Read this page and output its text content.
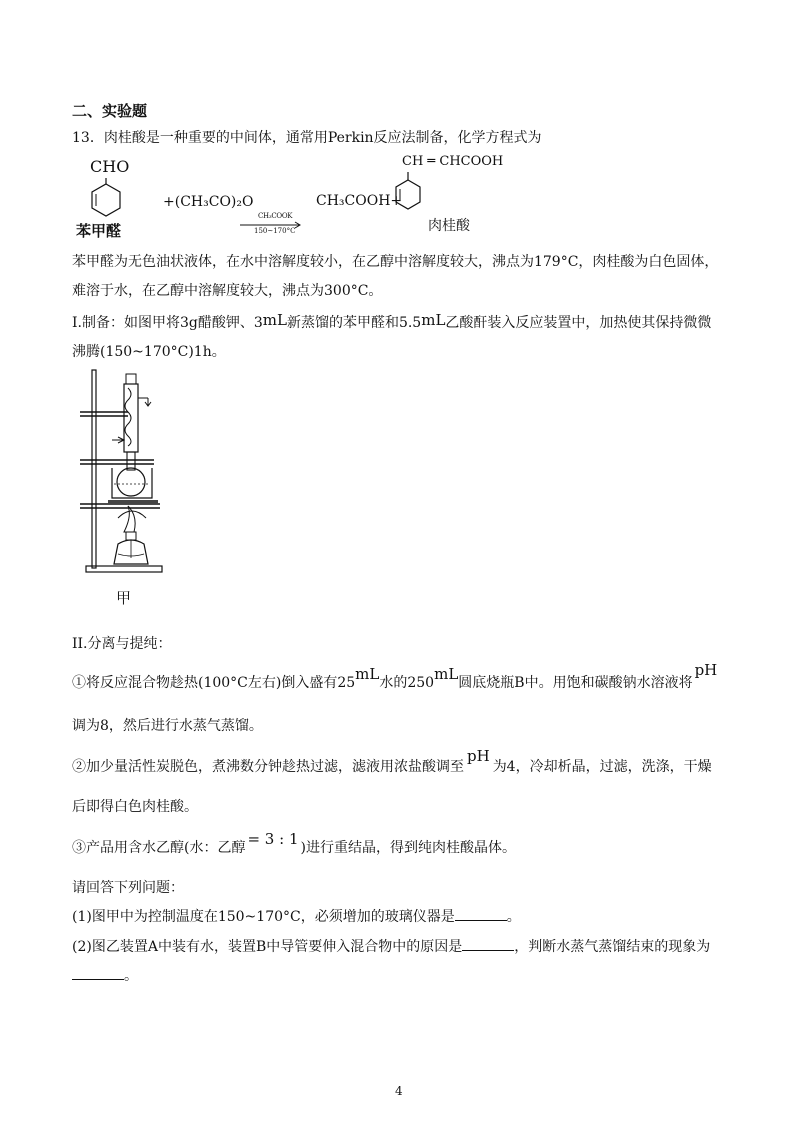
二、实验题
13．肉桂酸是一种重要的中间体，通常用Perkin反应法制备，化学方程式为
CHO
苯甲醛
+(CH₃CO)₂O
CH₃COOK
150~170°C
CH₃COOH+
CH ═ CHCOOH
肉桂酸
苯甲醛为无色油状液体，在水中溶解度较小，在乙醇中溶解度较大，沸点为179°C，肉桂酸为白色固体，
难溶于水，在乙醇中溶解度较大，沸点为300°C。
I.制备：如图甲将3g醋酸钾、3mL新蒸馏的苯甲醛和5.5mL乙酸酐装入反应装置中，加热使其保持微微
沸腾(150~170°C)1h。
甲
II.分离与提纯：
①将反应混合物趁热(100°C左右)倒入盛有25mL水的250mL圆底烧瓶B中。用饱和碳酸钠水溶液将pH
调为8，然后进行水蒸气蒸馏。
②加少量活性炭脱色，煮沸数分钟趁热过滤，滤液用浓盐酸调至pH为4，冷却析晶，过滤，洗涤，干燥
后即得白色肉桂酸。
③产品用含水乙醇(水：乙醇 = 3 : 1 )进行重结晶，得到纯肉桂酸晶体。
请回答下列问题：
(1)图甲中为控制温度在150~170°C，必须增加的玻璃仪器是	。
(2)图乙装置A中装有水，装置B中导管要伸入混合物中的原因是	，判断水蒸气蒸馏结束的现象为
。
4
